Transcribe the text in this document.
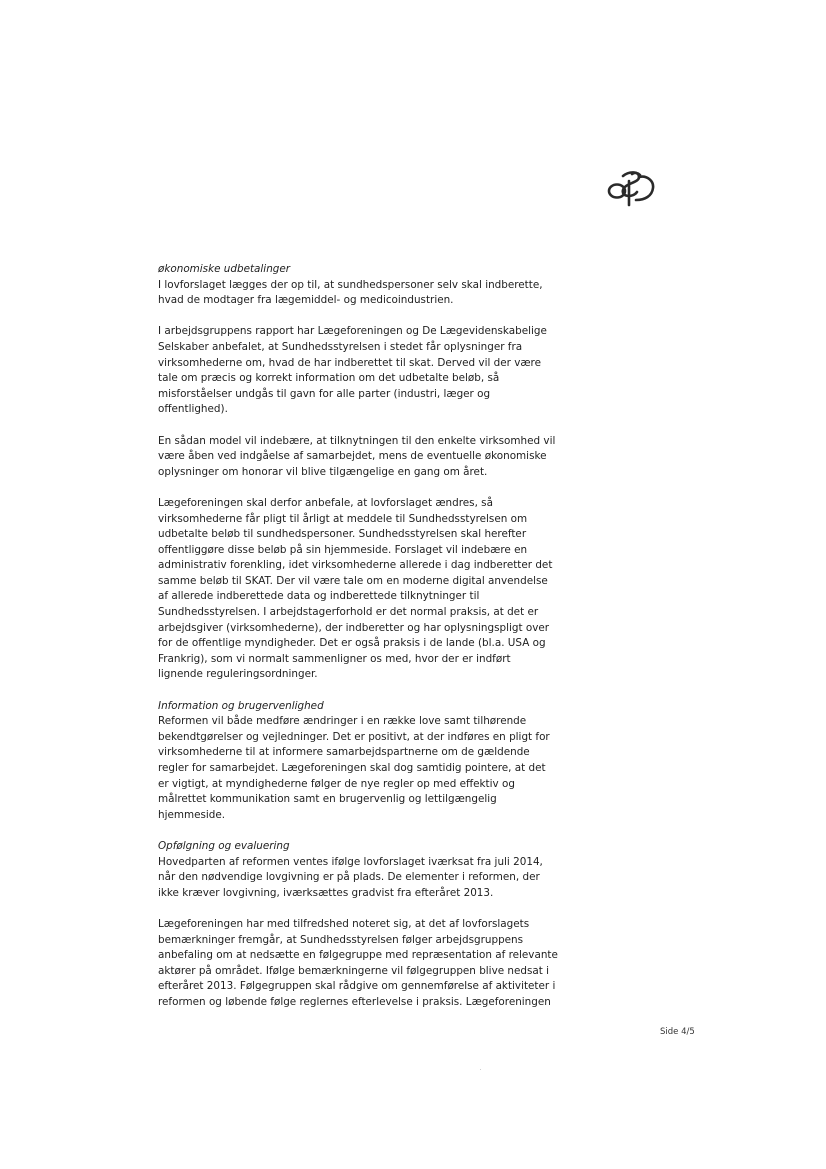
økonomiske udbetalinger

I lovforslaget lægges der op til, at sundhedspersoner selv skal indberette,
hvad de modtager fra lægemiddel- og medicoindustrien.

I arbejdsgruppens rapport har Lægeforeningen og De Lægevidenskabelige
Selskaber anbefalet, at Sundhedsstyrelsen i stedet får oplysninger fra
virksomhederne om, hvad de har indberettet til skat. Derved vil der være
tale om præcis og korrekt information om det udbetalte beløb, så
misforståelser undgås til gavn for alle parter (industri, læger og
offentlighed).

En sådan model vil indebære, at tilknytningen til den enkelte virksomhed vil
være åben ved indgåelse af samarbejdet, mens de eventuelle økonomiske
oplysninger om honorar vil blive tilgængelige en gang om året.

Lægeforeningen skal derfor anbefale, at lovforslaget ændres, så
virksomhederne får pligt til årligt at meddele til Sundhedsstyrelsen om
udbetalte beløb til sundhedspersoner. Sundhedsstyrelsen skal herefter
offentliggøre disse beløb på sin hjemmeside. Forslaget vil indebære en
administrativ forenkling, idet virksomhederne allerede i dag indberetter det
samme beløb til SKAT. Der vil være tale om en moderne digital anvendelse
af allerede indberettede data og indberettede tilknytninger til
Sundhedsstyrelsen. I arbejdstagerforhold er det normal praksis, at det er
arbejdsgiver (virksomhederne), der indberetter og har oplysningspligt over
for de offentlige myndigheder. Det er også praksis i de lande (bl.a. USA og
Frankrig), som vi normalt sammenligner os med, hvor der er indført
lignende reguleringsordninger.

Information og brugervenlighed

Reformen vil både medføre ændringer i en række love samt tilhørende
bekendtgørelser og vejledninger. Det er positivt, at der indføres en pligt for
virksomhederne til at informere samarbejdspartnerne om de gældende
regler for samarbejdet. Lægeforeningen skal dog samtidig pointere, at det
er vigtigt, at myndighederne følger de nye regler op med effektiv og
målrettet kommunikation samt en brugervenlig og lettilgængelig
hjemmeside.

Opfølgning og evaluering

Hovedparten af reformen ventes ifølge lovforslaget iværksat fra juli 2014,
når den nødvendige lovgivning er på plads. De elementer i reformen, der
ikke kræver lovgivning, iværksættes gradvist fra efteråret 2013.

Lægeforeningen har med tilfredshed noteret sig, at det af lovforslagets
bemærkninger fremgår, at Sundhedsstyrelsen følger arbejdsgruppens
anbefaling om at nedsætte en følgegruppe med repræsentation af relevante
aktører på området. Ifølge bemærkningerne vil følgegruppen blive nedsat i
efteråret 2013. Følgegruppen skal rådgive om gennemførelse af aktiviteter i
reformen og løbende følge reglernes efterlevelse i praksis. Lægeforeningen

Side 4/5
